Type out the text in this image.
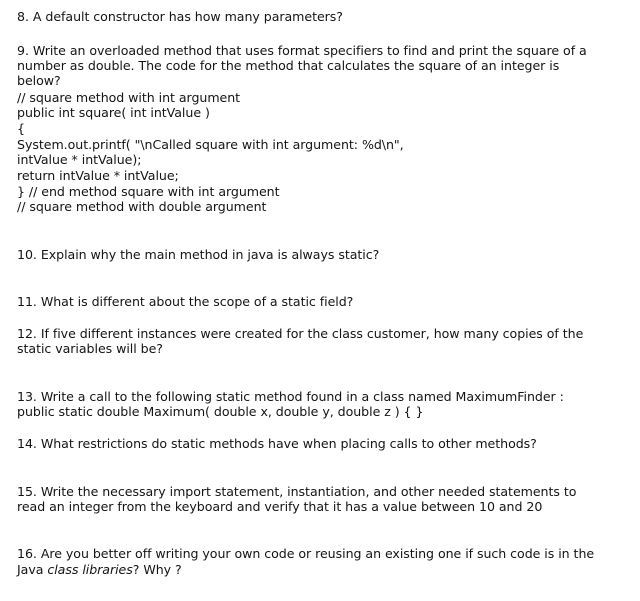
8. A default constructor has how many parameters?
9. Write an overloaded method that uses format specifiers to find and print the square of a
number as double. The code for the method that calculates the square of an integer is
below?
// square method with int argument
public int square( int intValue )
{
System.out.printf( "\nCalled square with int argument: %d\n",
intValue * intValue);
return intValue * intValue;
} // end method square with int argument
// square method with double argument
10. Explain why the main method in java is always static?
11. What is different about the scope of a static field?
12. If five different instances were created for the class customer, how many copies of the
static variables will be?
13. Write a call to the following static method found in a class named MaximumFinder :
public static double Maximum( double x, double y, double z ) { }
14. What restrictions do static methods have when placing calls to other methods?
15. Write the necessary import statement, instantiation, and other needed statements to
read an integer from the keyboard and verify that it has a value between 10 and 20
16. Are you better off writing your own code or reusing an existing one if such code is in the
Java class libraries? Why ?
